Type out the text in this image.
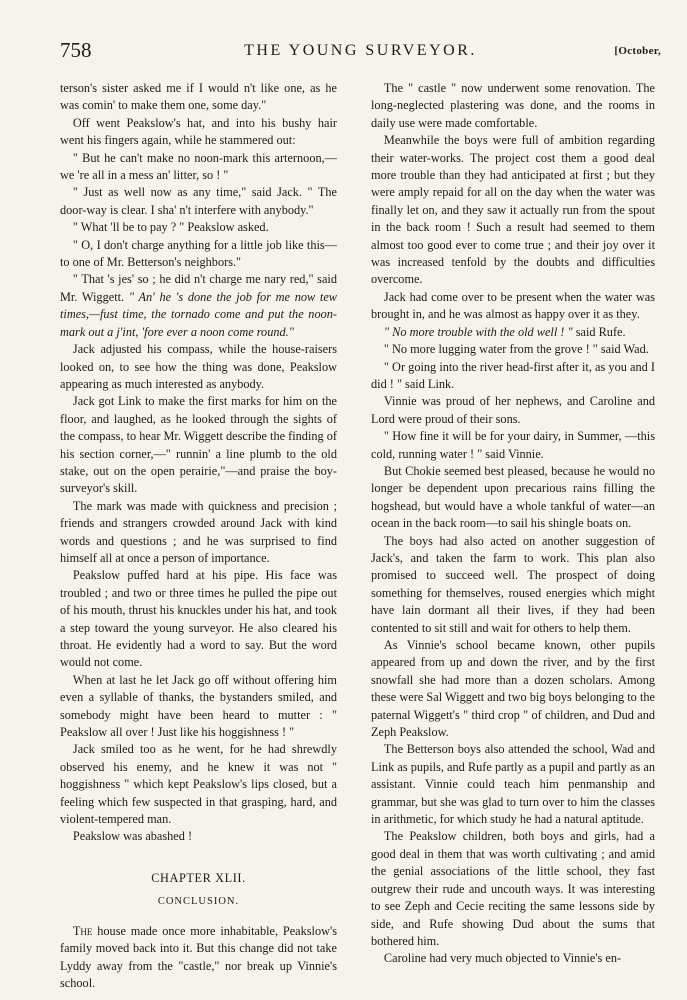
758	THE YOUNG SURVEYOR.	[October,

terson's sister asked me if I would n't like one, as he was comin' to make them one, some day."

Off went Peakslow's hat, and into his bushy hair went his fingers again, while he stammered out:

" But he can't make no noon-mark this arternoon,—we 're all in a mess an' litter, so ! "

" Just as well now as any time," said Jack. " The door-way is clear. I sha' n't interfere with anybody."

" What 'll be to pay ? " Peakslow asked.

" O, I don't charge anything for a little job like this—to one of Mr. Betterson's neighbors."

" That 's jes' so ; he did n't charge me nary red," said Mr. Wiggett. " An' he 's done the job for me now tew times,—fust time, the tornado come and put the noon-mark out a j'int, 'fore ever a noon come round."

Jack adjusted his compass, while the house-raisers looked on, to see how the thing was done, Peakslow appearing as much interested as anybody.

Jack got Link to make the first marks for him on the floor, and laughed, as he looked through the sights of the compass, to hear Mr. Wiggett describe the finding of his section corner,—" runnin' a line plumb to the old stake, out on the open perairie,"—and praise the boy-surveyor's skill.

The mark was made with quickness and precision ; friends and strangers crowded around Jack with kind words and questions ; and he was surprised to find himself all at once a person of importance.

Peakslow puffed hard at his pipe. His face was troubled ; and two or three times he pulled the pipe out of his mouth, thrust his knuckles under his hat, and took a step toward the young surveyor. He also cleared his throat. He evidently had a word to say. But the word would not come.

When at last he let Jack go off without offering him even a syllable of thanks, the bystanders smiled, and somebody might have been heard to mutter : " Peakslow all over ! Just like his hoggishness ! "

Jack smiled too as he went, for he had shrewdly observed his enemy, and he knew it was not " hoggishness " which kept Peakslow's lips closed, but a feeling which few suspected in that grasping, hard, and violent-tempered man.

Peakslow was abashed !

CHAPTER XLII.
CONCLUSION.

The house made once more inhabitable, Peakslow's family moved back into it. But this change did not take Lyddy away from the "castle," nor break up Vinnie's school.

The " castle " now underwent some renovation. The long-neglected plastering was done, and the rooms in daily use were made comfortable.

Meanwhile the boys were full of ambition regarding their water-works. The project cost them a good deal more trouble than they had anticipated at first ; but they were amply repaid for all on the day when the water was finally let on, and they saw it actually run from the spout in the back room ! Such a result had seemed to them almost too good ever to come true ; and their joy over it was increased tenfold by the doubts and difficulties overcome.

Jack had come over to be present when the water was brought in, and he was almost as happy over it as they.

" No more trouble with the old well ! " said Rufe.

" No more lugging water from the grove ! " said Wad.

" Or going into the river head-first after it, as you and I did ! " said Link.

Vinnie was proud of her nephews, and Caroline and Lord were proud of their sons.

" How fine it will be for your dairy, in Summer, —this cold, running water ! " said Vinnie.

But Chokie seemed best pleased, because he would no longer be dependent upon precarious rains filling the hogshead, but would have a whole tankful of water—an ocean in the back room—to sail his shingle boats on.

The boys had also acted on another suggestion of Jack's, and taken the farm to work. This plan also promised to succeed well. The prospect of doing something for themselves, roused energies which might have lain dormant all their lives, if they had been contented to sit still and wait for others to help them.

As Vinnie's school became known, other pupils appeared from up and down the river, and by the first snowfall she had more than a dozen scholars. Among these were Sal Wiggett and two big boys belonging to the paternal Wiggett's " third crop " of children, and Dud and Zeph Peakslow.

The Betterson boys also attended the school, Wad and Link as pupils, and Rufe partly as a pupil and partly as an assistant. Vinnie could teach him penmanship and grammar, but she was glad to turn over to him the classes in arithmetic, for which study he had a natural aptitude.

The Peakslow children, both boys and girls, had a good deal in them that was worth cultivating ; and amid the genial associations of the little school, they fast outgrew their rude and uncouth ways. It was interesting to see Zeph and Cecie reciting the same lessons side by side, and Rufe showing Dud about the sums that bothered him.

Caroline had very much objected to Vinnie's en-
